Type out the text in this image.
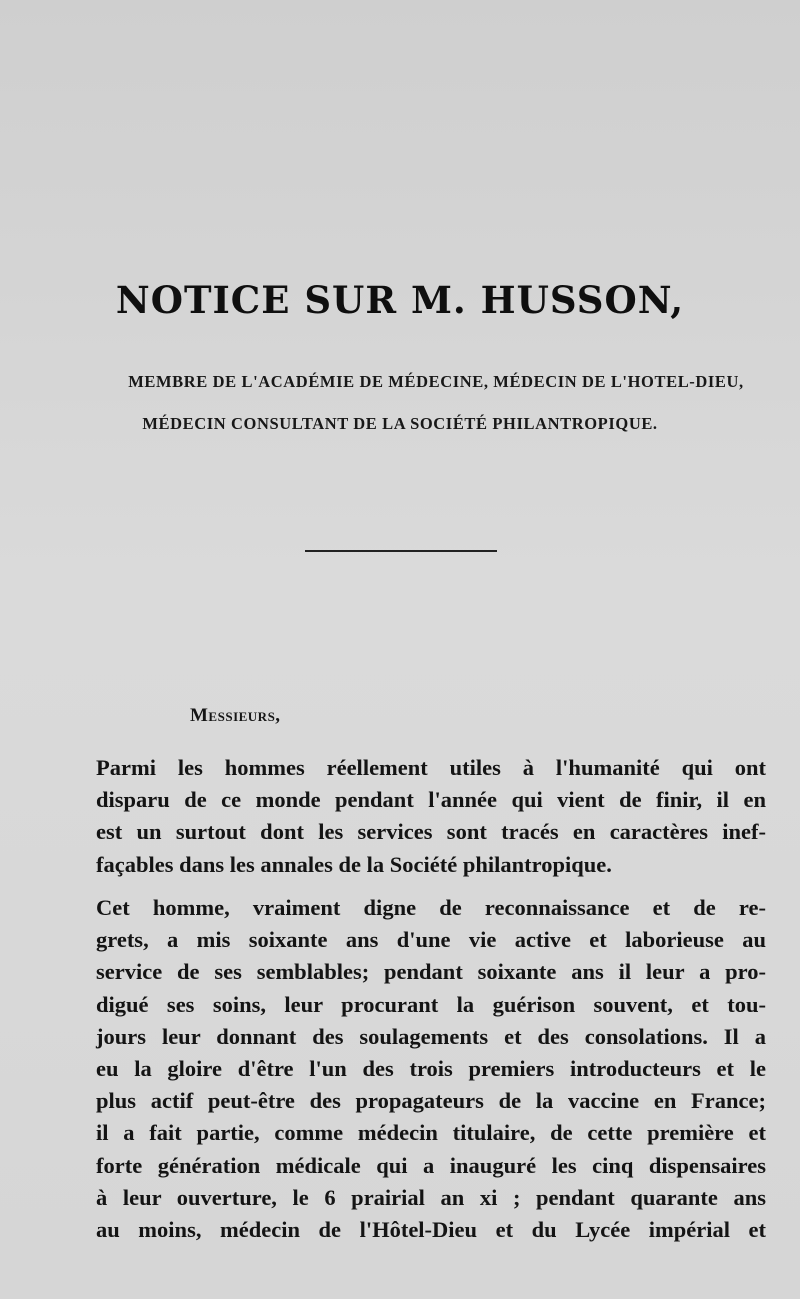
NOTICE SUR M. HUSSON,
MEMBRE DE L'ACADÉMIE DE MÉDECINE, MÉDECIN DE L'HOTEL-DIEU,
MÉDECIN CONSULTANT DE LA SOCIÉTÉ PHILANTROPIQUE.
Messieurs,

Parmi les hommes réellement utiles à l'humanité qui ont
disparu de ce monde pendant l'année qui vient de finir, il en
est un surtout dont les services sont tracés en caractères inef-
façables dans les annales de la Société philantropique.

Cet homme, vraiment digne de reconnaissance et de re-
grets, a mis soixante ans d'une vie active et laborieuse au
service de ses semblables; pendant soixante ans il leur a pro-
digué ses soins, leur procurant la guérison souvent, et tou-
jours leur donnant des soulagements et des consolations. Il a
eu la gloire d'être l'un des trois premiers introducteurs et le
plus actif peut-être des propagateurs de la vaccine en France;
il a fait partie, comme médecin titulaire, de cette première et
forte génération médicale qui a inauguré les cinq dispensaires
à leur ouverture, le 6 prairial an xi ; pendant quarante ans
au moins, médecin de l'Hôtel-Dieu et du Lycée impérial et
